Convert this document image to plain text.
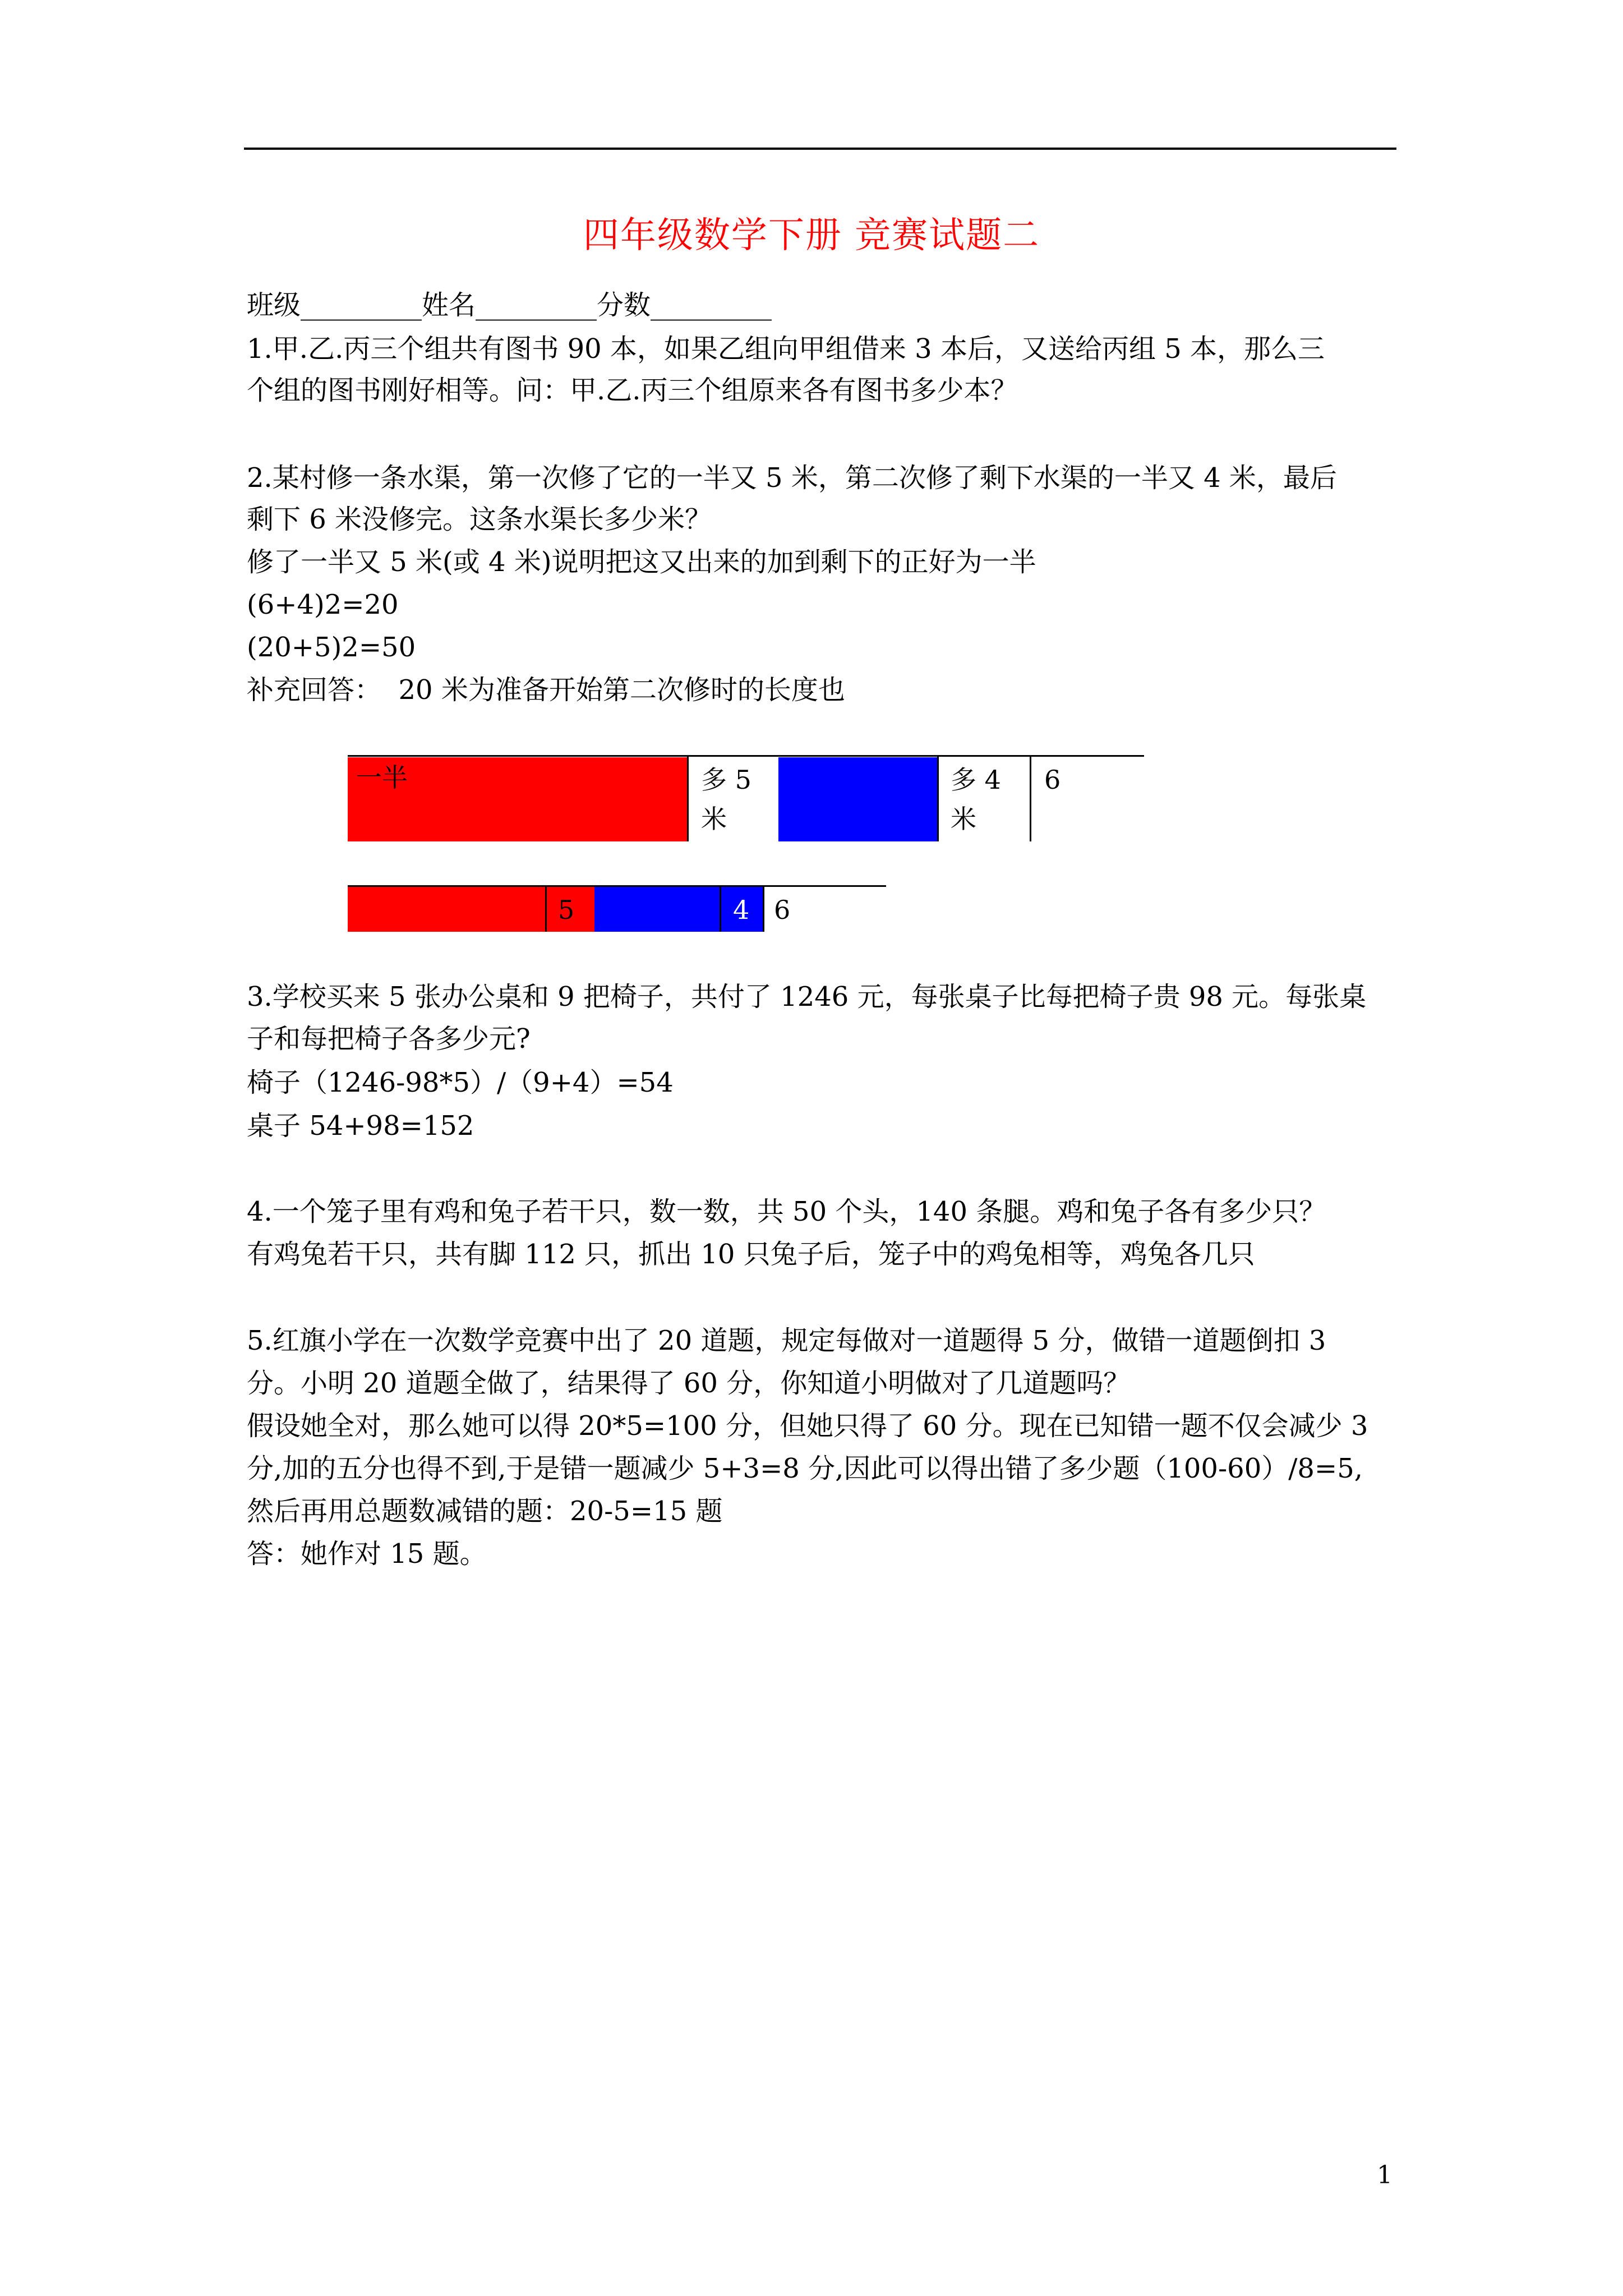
四年级数学下册 竞赛试题二
班级_________姓名_________分数_________
1.甲.乙.丙三个组共有图书 90 本，如果乙组向甲组借来 3 本后，又送给丙组 5 本，那么三
个组的图书刚好相等。问：甲.乙.丙三个组原来各有图书多少本？
2.某村修一条水渠，第一次修了它的一半又 5 米，第二次修了剩下水渠的一半又 4 米，最后
剩下 6 米没修完。这条水渠长多少米？
修了一半又 5 米(或 4 米)说明把这又出来的加到剩下的正好为一半
(6+4)2=20
(20+5)2=50
补充回答：  20 米为准备开始第二次修时的长度也
一半	多 5
米
多 4
米
6
5	4 6
3.学校买来 5 张办公桌和 9 把椅子，共付了 1246 元，每张桌子比每把椅子贵 98 元。每张桌
子和每把椅子各多少元?
椅子（1246-98*5）/（9+4）=54
桌子 54+98=152
4.一个笼子里有鸡和兔子若干只，数一数，共 50 个头，140 条腿。鸡和兔子各有多少只？
有鸡兔若干只，共有脚 112 只，抓出 10 只兔子后，笼子中的鸡兔相等，鸡兔各几只
5.红旗小学在一次数学竞赛中出了 20 道题，规定每做对一道题得 5 分，做错一道题倒扣 3
分。小明 20 道题全做了，结果得了 60 分，你知道小明做对了几道题吗？
假设她全对，那么她可以得 20*5=100 分，但她只得了 60 分。现在已知错一题不仅会减少 3
分,加的五分也得不到,于是错一题减少 5+3=8 分,因此可以得出错了多少题（100-60）/8=5,
然后再用总题数减错的题：20-5=15 题
答：她作对 15 题。
1
